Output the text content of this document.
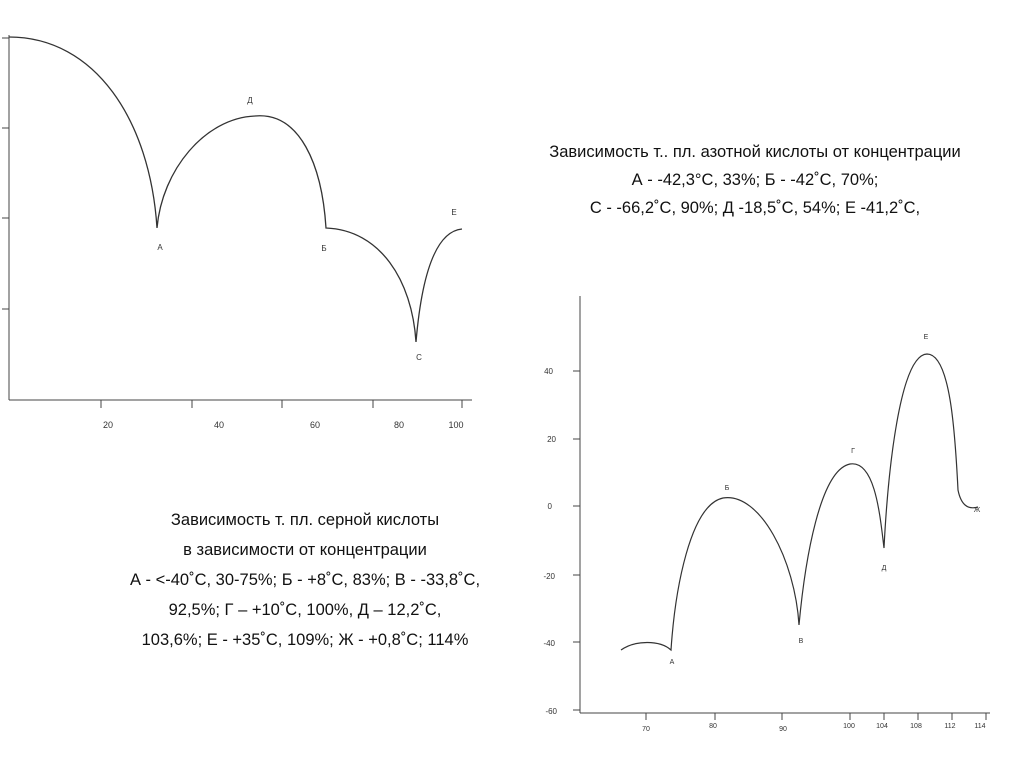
20	40	60	80	100
А
Д
Б
С
Е
40
20
0
-20
-40
-60
70	80	90	100	104	108	112	114
А
Б
В
Г
Д
Е
Ж
Зависимость т.. пл. азотной кислоты от концентрации
А - -42,3°С, 33%; Б - -42˚С, 70%;
С - -66,2˚С, 90%; Д -18,5˚С, 54%; Е -41,2˚С,
Зависимость т. пл. серной кислоты
в зависимости от концентрации
А - <-40˚С, 30-75%; Б - +8˚С, 83%; В - -33,8˚С,
92,5%; Г – +10˚С, 100%, Д – 12,2˚С,
103,6%; Е - +35˚С, 109%; Ж - +0,8˚С; 114%
